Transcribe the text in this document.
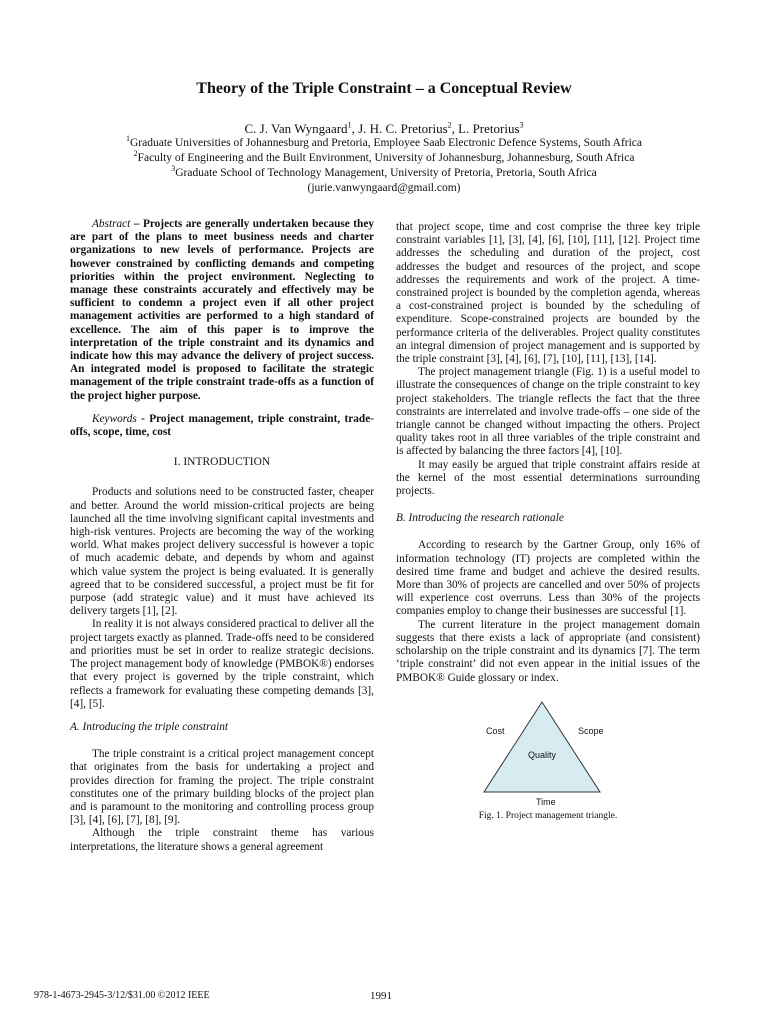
Theory of the Triple Constraint – a Conceptual Review
C. J. Van Wyngaard$^1$, J. H. C. Pretorius$^2$, L. Pretorius$^3$
$^1$Graduate Universities of Johannesburg and Pretoria, Employee Saab Electronic Defence Systems, South Africa
$^2$Faculty of Engineering and the Built Environment, University of Johannesburg, Johannesburg, South Africa
$^3$Graduate School of Technology Management, University of Pretoria, Pretoria, South Africa
(jurie.vanwyngaard@gmail.com)

Abstract – Projects are generally undertaken because they are part of the plans to meet business needs and charter organizations to new levels of performance. Projects are however constrained by conflicting demands and competing priorities within the project environment. Neglecting to manage these constraints accurately and effectively may be sufficient to condemn a project even if all other project management activities are performed to a high standard of excellence. The aim of this paper is to improve the interpretation of the triple constraint and its dynamics and indicate how this may advance the delivery of project success. An integrated model is proposed to facilitate the strategic management of the triple constraint trade-offs as a function of the project higher purpose.

Keywords - Project management, triple constraint, trade-offs, scope, time, cost

I. INTRODUCTION

Products and solutions need to be constructed faster, cheaper and better. Around the world mission-critical projects are being launched all the time involving significant capital investments and high-risk ventures. Projects are becoming the way of the working world. What makes project delivery successful is however a topic of much academic debate, and depends by whom and against which value system the project is being evaluated. It is generally agreed that to be considered successful, a project must be fit for purpose (add strategic value) and it must have achieved its delivery targets [1], [2].

In reality it is not always considered practical to deliver all the project targets exactly as planned. Trade-offs need to be considered and priorities must be set in order to realize strategic decisions. The project management body of knowledge (PMBOK®) endorses that every project is governed by the triple constraint, which reflects a framework for evaluating these competing demands [3], [4], [5].

A. Introducing the triple constraint

The triple constraint is a critical project management concept that originates from the basis for undertaking a project and provides direction for framing the project. The triple constraint constitutes one of the primary building blocks of the project plan and is paramount to the monitoring and controlling process group [3], [4], [6], [7], [8], [9].

Although the triple constraint theme has various interpretations, the literature shows a general agreement

that project scope, time and cost comprise the three key triple constraint variables [1], [3], [4], [6], [10], [11], [12]. Project time addresses the scheduling and duration of the project, cost addresses the budget and resources of the project, and scope addresses the requirements and work of the project. A time-constrained project is bounded by the completion agenda, whereas a cost-constrained project is bounded by the scheduling of expenditure. Scope-constrained projects are bounded by the performance criteria of the deliverables. Project quality constitutes an integral dimension of project management and is supported by the triple constraint [3], [4], [6], [7], [10], [11], [13], [14].

The project management triangle (Fig. 1) is a useful model to illustrate the consequences of change on the triple constraint to key project stakeholders. The triangle reflects the fact that the three constraints are interrelated and involve trade-offs – one side of the triangle cannot be changed without impacting the others. Project quality takes root in all three variables of the triple constraint and is affected by balancing the three factors [4], [10].

It may easily be argued that triple constraint affairs reside at the kernel of the most essential determinations surrounding projects.

B. Introducing the research rationale

According to research by the Gartner Group, only 16% of information technology (IT) projects are completed within the desired time frame and budget and achieve the desired results. More than 30% of projects are cancelled and over 50% of projects will experience cost overruns. Less than 30% of the projects companies employ to change their businesses are successful [1].

The current literature in the project management domain suggests that there exists a lack of appropriate (and consistent) scholarship on the triple constraint and its dynamics [7]. The term ‘triple constraint’ did not even appear in the initial issues of the PMBOK® Guide glossary or index.

Cost	Scope
Quality
Time

Fig. 1. Project management triangle.

978-1-4673-2945-3/12/$31.00 ©2012 IEEE	1991
